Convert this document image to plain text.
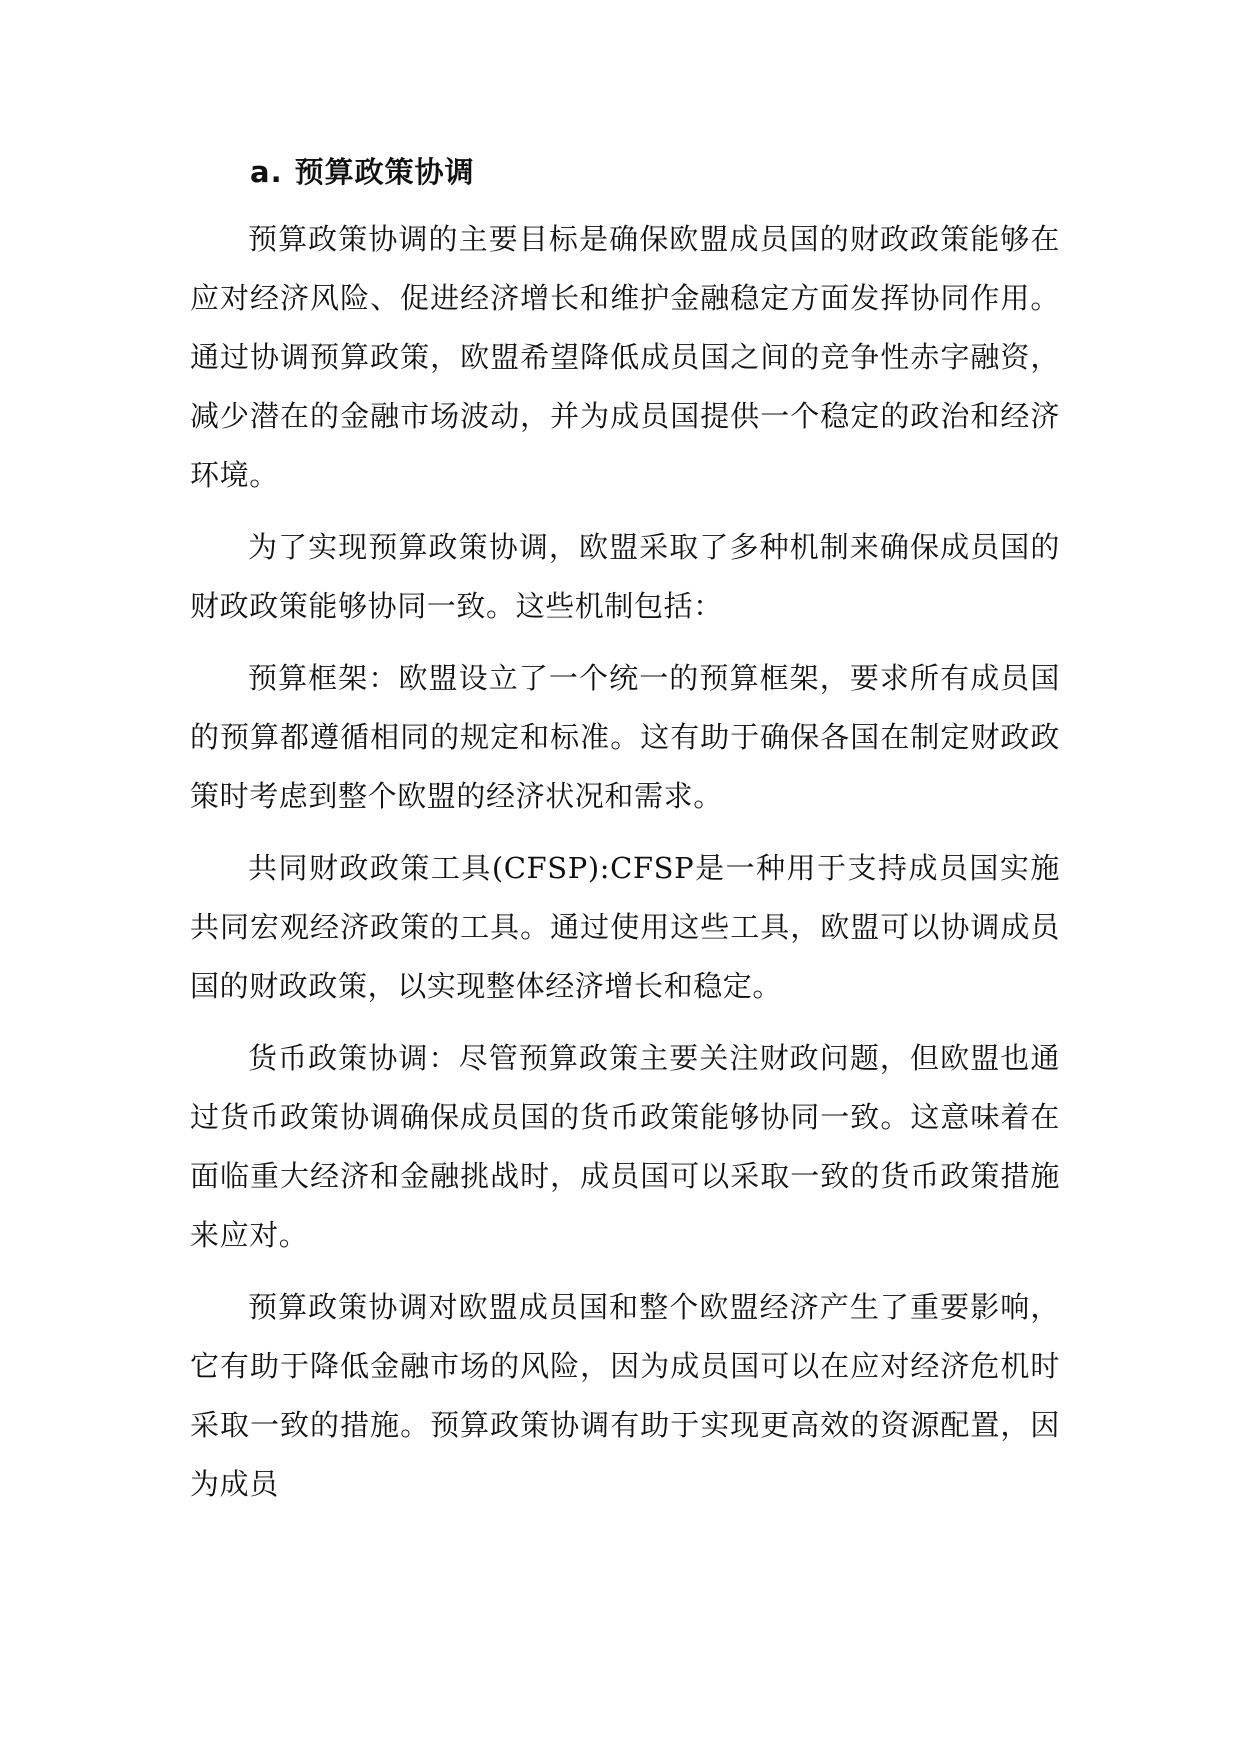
a. 预算政策协调

预算政策协调的主要目标是确保欧盟成员国的财政政策能够在应对经济风险、促进经济增长和维护金融稳定方面发挥协同作用。通过协调预算政策，欧盟希望降低成员国之间的竞争性赤字融资，减少潜在的金融市场波动，并为成员国提供一个稳定的政治和经济环境。

为了实现预算政策协调，欧盟采取了多种机制来确保成员国的财政政策能够协同一致。这些机制包括：

预算框架：欧盟设立了一个统一的预算框架，要求所有成员国的预算都遵循相同的规定和标准。这有助于确保各国在制定财政政策时考虑到整个欧盟的经济状况和需求。

共同财政政策工具(CFSP):CFSP是一种用于支持成员国实施共同宏观经济政策的工具。通过使用这些工具，欧盟可以协调成员国的财政政策，以实现整体经济增长和稳定。

货币政策协调：尽管预算政策主要关注财政问题，但欧盟也通过货币政策协调确保成员国的货币政策能够协同一致。这意味着在面临重大经济和金融挑战时，成员国可以采取一致的货币政策措施来应对。

预算政策协调对欧盟成员国和整个欧盟经济产生了重要影响，它有助于降低金融市场的风险，因为成员国可以在应对经济危机时采取一致的措施。预算政策协调有助于实现更高效的资源配置，因为成员
